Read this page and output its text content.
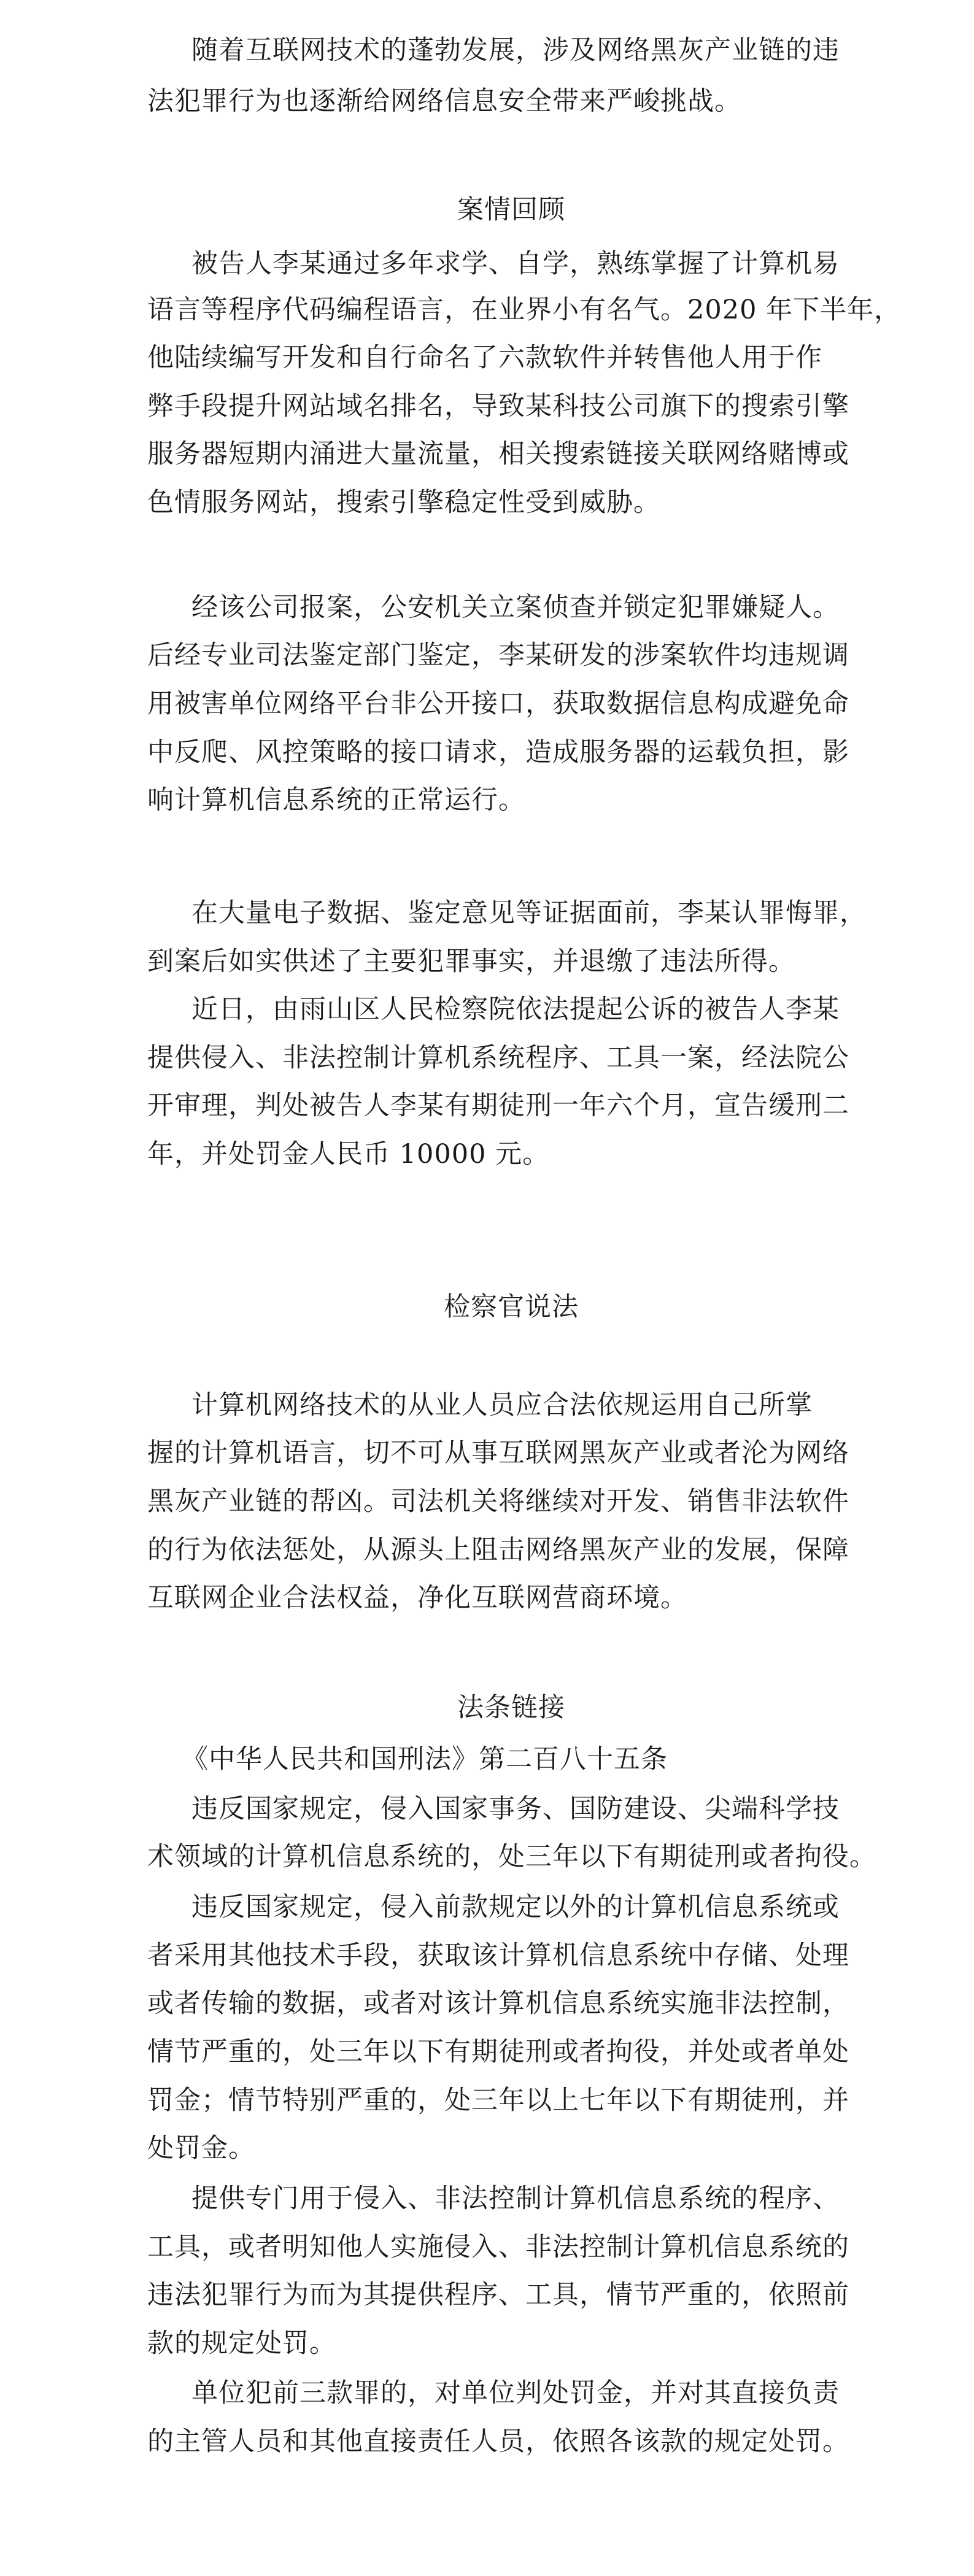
随着互联网技术的蓬勃发展，涉及网络黑灰产业链的违

法犯罪行为也逐渐给网络信息安全带来严峻挑战。

案情回顾

被告人李某通过多年求学、自学，熟练掌握了计算机易

语言等程序代码编程语言，在业界小有名气。2020 年下半年，

他陆续编写开发和自行命名了六款软件并转售他人用于作

弊手段提升网站域名排名，导致某科技公司旗下的搜索引擎

服务器短期内涌进大量流量，相关搜索链接关联网络赌博或

色情服务网站，搜索引擎稳定性受到威胁。

经该公司报案，公安机关立案侦查并锁定犯罪嫌疑人。

后经专业司法鉴定部门鉴定，李某研发的涉案软件均违规调

用被害单位网络平台非公开接口，获取数据信息构成避免命

中反爬、风控策略的接口请求，造成服务器的运载负担，影

响计算机信息系统的正常运行。

在大量电子数据、鉴定意见等证据面前，李某认罪悔罪，

到案后如实供述了主要犯罪事实，并退缴了违法所得。

近日，由雨山区人民检察院依法提起公诉的被告人李某

提供侵入、非法控制计算机系统程序、工具一案，经法院公

开审理，判处被告人李某有期徒刑一年六个月，宣告缓刑二

年，并处罚金人民币 10000 元。

检察官说法

计算机网络技术的从业人员应合法依规运用自己所掌

握的计算机语言，切不可从事互联网黑灰产业或者沦为网络

黑灰产业链的帮凶。司法机关将继续对开发、销售非法软件

的行为依法惩处，从源头上阻击网络黑灰产业的发展，保障

互联网企业合法权益，净化互联网营商环境。

法条链接

《中华人民共和国刑法》第二百八十五条

违反国家规定，侵入国家事务、国防建设、尖端科学技

术领域的计算机信息系统的，处三年以下有期徒刑或者拘役。

违反国家规定，侵入前款规定以外的计算机信息系统或

者采用其他技术手段，获取该计算机信息系统中存储、处理

或者传输的数据，或者对该计算机信息系统实施非法控制，

情节严重的，处三年以下有期徒刑或者拘役，并处或者单处

罚金；情节特别严重的，处三年以上七年以下有期徒刑，并

处罚金。

提供专门用于侵入、非法控制计算机信息系统的程序、

工具，或者明知他人实施侵入、非法控制计算机信息系统的

违法犯罪行为而为其提供程序、工具，情节严重的，依照前

款的规定处罚。

单位犯前三款罪的，对单位判处罚金，并对其直接负责

的主管人员和其他直接责任人员，依照各该款的规定处罚。
